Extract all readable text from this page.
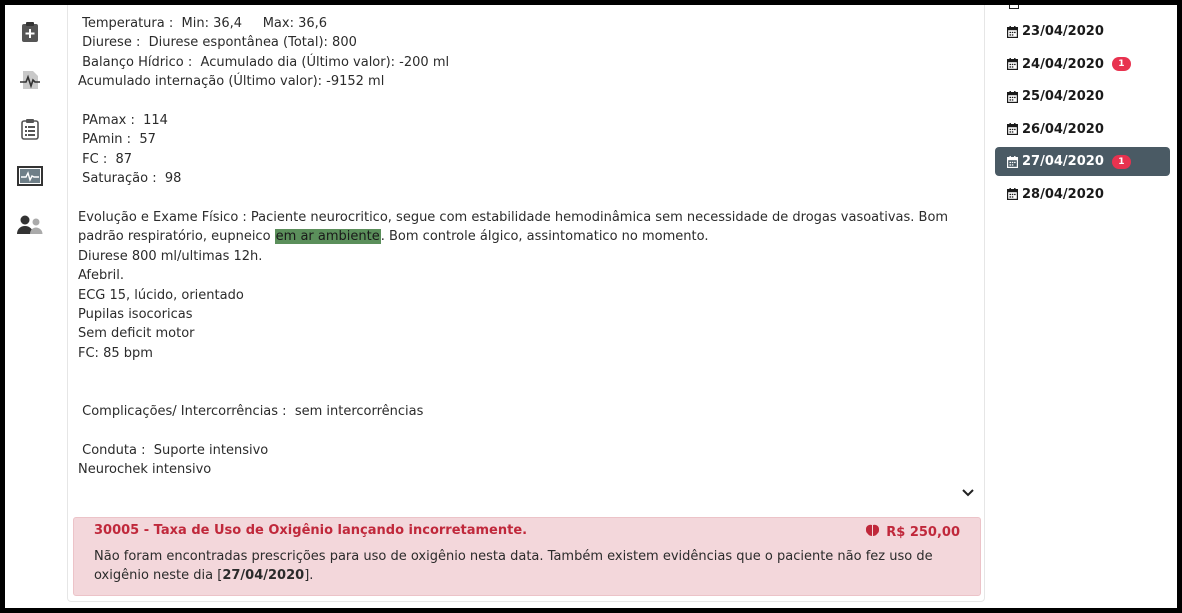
Temperatura :  Min: 36,4     Max: 36,6
Diurese :  Diurese espontânea (Total): 800
Balanço Hídrico :  Acumulado dia (Último valor): -200 ml
Acumulado internação (Último valor): -9152 ml
PAmax :  114
PAmin :  57
FC :  87
Saturação :  98
Evolução e Exame Físico : Paciente neurocritico, segue com estabilidade hemodinâmica sem necessidade de drogas vasoativas. Bom padrão respiratório, eupneico em ar ambiente. Bom controle álgico, assintomatico no momento.
Diurese 800 ml/ultimas 12h.
Afebril.
ECG 15, lúcido, orientado
Pupilas isocoricas
Sem deficit motor
FC: 85 bpm
Complicações/ Intercorrências :  sem intercorrências
Conduta :  Suporte intensivo
Neurochek intensivo
30005 - Taxa de Uso de Oxigênio lançando incorretamente.	R$ 250,00
Não foram encontradas prescrições para uso de oxigênio nesta data. Também existem evidências que o paciente não fez uso de oxigênio neste dia [27/04/2020].
23/04/2020
24/04/2020	1
25/04/2020
26/04/2020
27/04/2020	1
28/04/2020
